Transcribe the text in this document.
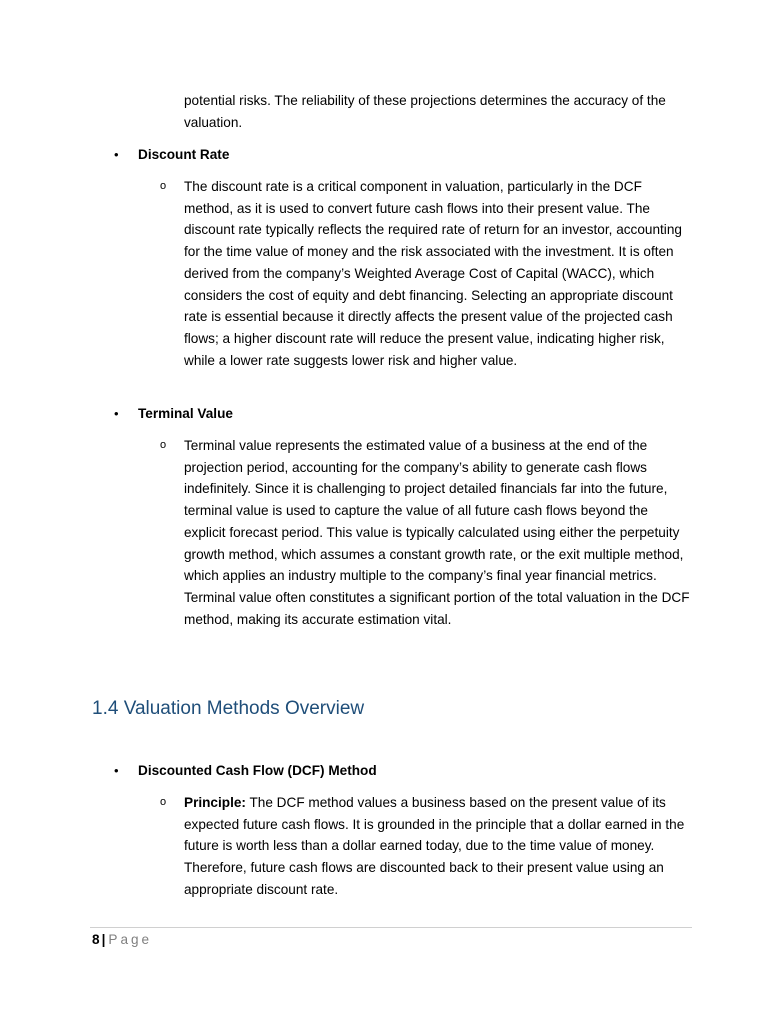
potential risks. The reliability of these projections determines the accuracy of the valuation.

• Discount Rate
o The discount rate is a critical component in valuation, particularly in the DCF method, as it is used to convert future cash flows into their present value. The discount rate typically reflects the required rate of return for an investor, accounting for the time value of money and the risk associated with the investment. It is often derived from the company’s Weighted Average Cost of Capital (WACC), which considers the cost of equity and debt financing. Selecting an appropriate discount rate is essential because it directly affects the present value of the projected cash flows; a higher discount rate will reduce the present value, indicating higher risk, while a lower rate suggests lower risk and higher value.

• Terminal Value
o Terminal value represents the estimated value of a business at the end of the projection period, accounting for the company’s ability to generate cash flows indefinitely. Since it is challenging to project detailed financials far into the future, terminal value is used to capture the value of all future cash flows beyond the explicit forecast period. This value is typically calculated using either the perpetuity growth method, which assumes a constant growth rate, or the exit multiple method, which applies an industry multiple to the company’s final year financial metrics. Terminal value often constitutes a significant portion of the total valuation in the DCF method, making its accurate estimation vital.

1.4 Valuation Methods Overview
• Discounted Cash Flow (DCF) Method
o Principle: The DCF method values a business based on the present value of its expected future cash flows. It is grounded in the principle that a dollar earned in the future is worth less than a dollar earned today, due to the time value of money. Therefore, future cash flows are discounted back to their present value using an appropriate discount rate.

8 | Page
